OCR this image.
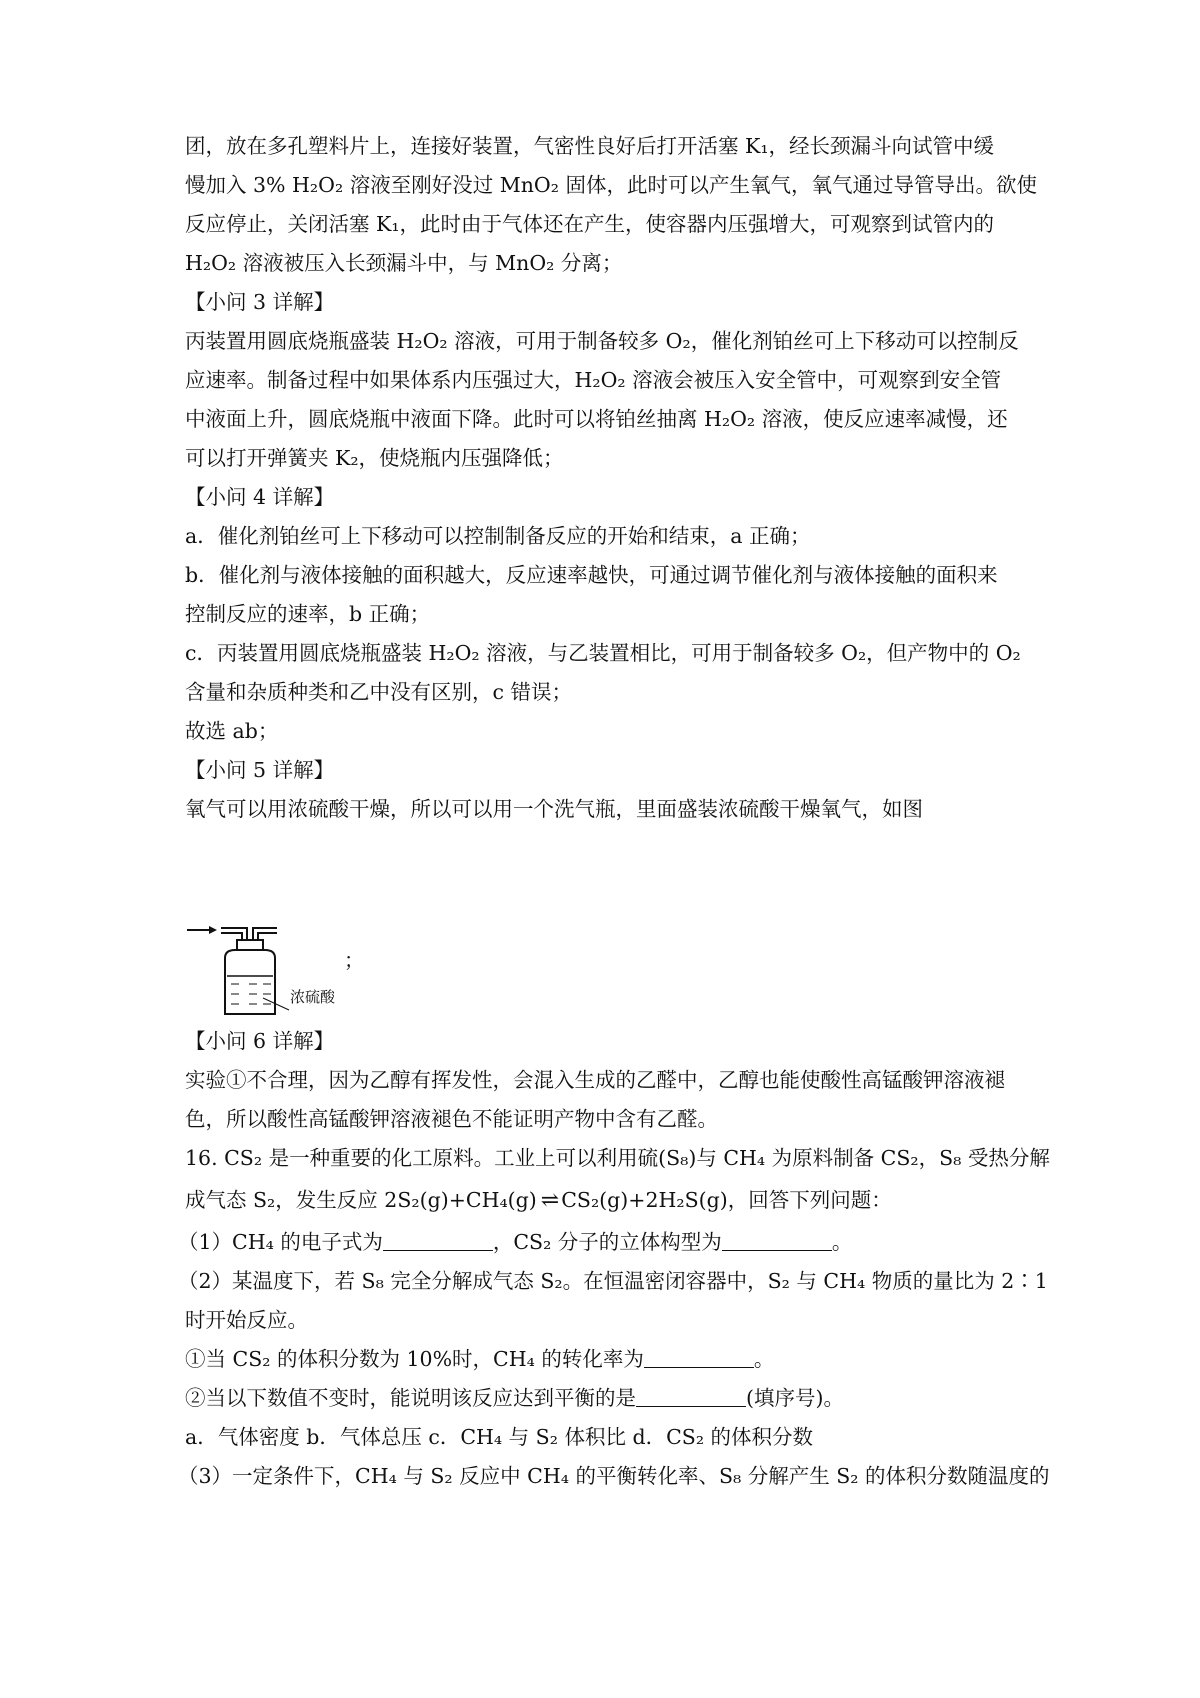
团，放在多孔塑料片上，连接好装置，气密性良好后打开活塞 K₁，经长颈漏斗向试管中缓
慢加入 3% H₂O₂ 溶液至刚好没过 MnO₂ 固体，此时可以产生氧气，氧气通过导管导出。欲使
反应停止，关闭活塞 K₁，此时由于气体还在产生，使容器内压强增大，可观察到试管内的
H₂O₂ 溶液被压入长颈漏斗中，与 MnO₂ 分离；
【小问 3 详解】
丙装置用圆底烧瓶盛装 H₂O₂ 溶液，可用于制备较多 O₂，催化剂铂丝可上下移动可以控制反
应速率。制备过程中如果体系内压强过大，H₂O₂ 溶液会被压入安全管中，可观察到安全管
中液面上升，圆底烧瓶中液面下降。此时可以将铂丝抽离 H₂O₂ 溶液，使反应速率减慢，还
可以打开弹簧夹 K₂，使烧瓶内压强降低；
【小问 4 详解】
a．催化剂铂丝可上下移动可以控制制备反应的开始和结束，a 正确；
b．催化剂与液体接触的面积越大，反应速率越快，可通过调节催化剂与液体接触的面积来
控制反应的速率，b 正确；
c．丙装置用圆底烧瓶盛装 H₂O₂ 溶液，与乙装置相比，可用于制备较多 O₂，但产物中的 O₂
含量和杂质种类和乙中没有区别，c 错误；
故选 ab；
【小问 5 详解】
氧气可以用浓硫酸干燥，所以可以用一个洗气瓶，里面盛装浓硫酸干燥氧气，如图
浓硫酸
；
【小问 6 详解】
实验①不合理，因为乙醇有挥发性，会混入生成的乙醛中，乙醇也能使酸性高锰酸钾溶液褪
色，所以酸性高锰酸钾溶液褪色不能证明产物中含有乙醛。
16. CS₂ 是一种重要的化工原料。工业上可以利用硫(S₈)与 CH₄ 为原料制备 CS₂，S₈ 受热分解
成气态 S₂，发生反应 2S₂(g)+CH₄(g) ⇌ CS₂(g)+2H₂S(g)，回答下列问题：
（1）CH₄ 的电子式为	，CS₂ 分子的立体构型为	。
（2）某温度下，若 S₈ 完全分解成气态 S₂。在恒温密闭容器中，S₂ 与 CH₄ 物质的量比为 2∶1
时开始反应。
①当 CS₂ 的体积分数为 10%时，CH₄ 的转化率为	。
②当以下数值不变时，能说明该反应达到平衡的是	(填序号)。
a．气体密度 b．气体总压 c．CH₄ 与 S₂ 体积比 d．CS₂ 的体积分数
（3）一定条件下，CH₄ 与 S₂ 反应中 CH₄ 的平衡转化率、S₈ 分解产生 S₂ 的体积分数随温度的
